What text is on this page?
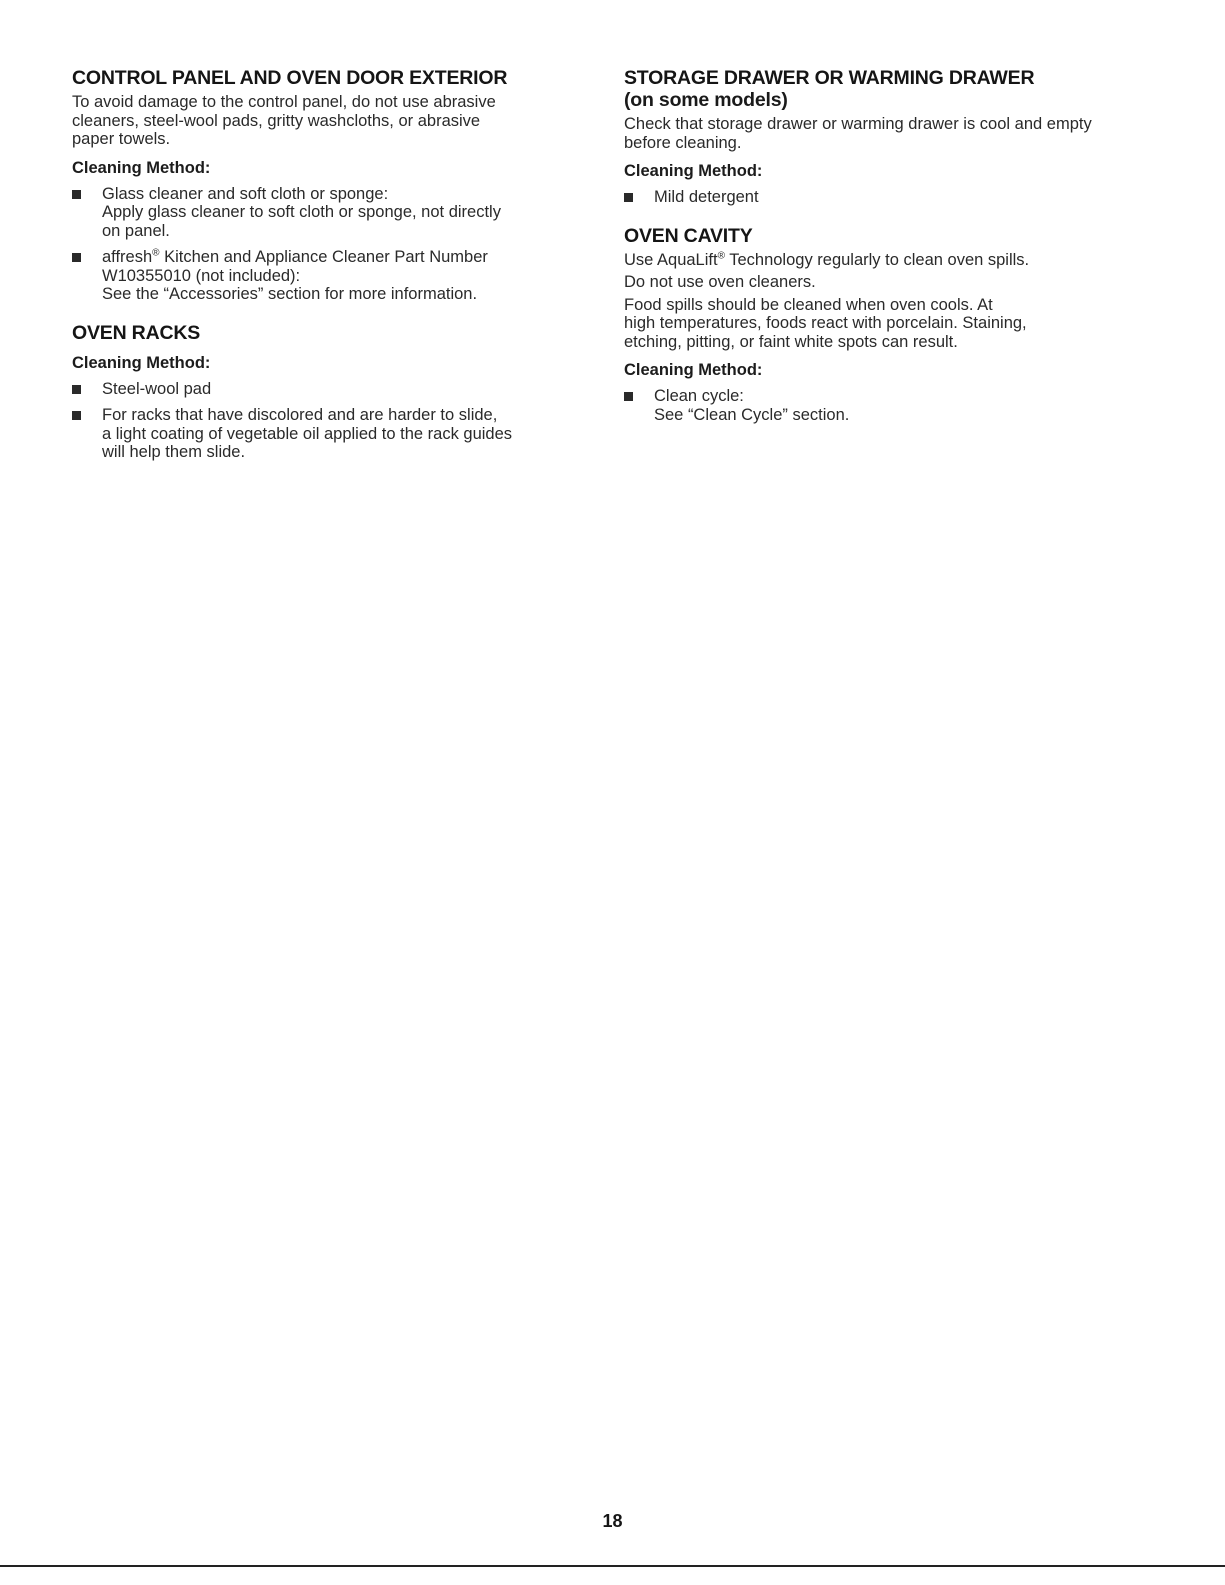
CONTROL PANEL AND OVEN DOOR EXTERIOR

To avoid damage to the control panel, do not use abrasive
cleaners, steel-wool pads, gritty washcloths, or abrasive
paper towels.

Cleaning Method:
Glass cleaner and soft cloth or sponge:
Apply glass cleaner to soft cloth or sponge, not directly
on panel.
affresh® Kitchen and Appliance Cleaner Part Number
W10355010 (not included):
See the “Accessories” section for more information.
OVEN RACKS
Cleaning Method:
Steel-wool pad
For racks that have discolored and are harder to slide,
a light coating of vegetable oil applied to the rack guides
will help them slide.
STORAGE DRAWER OR WARMING DRAWER
(on some models)

Check that storage drawer or warming drawer is cool and empty
before cleaning.

Cleaning Method:
Mild detergent
OVEN CAVITY

Use AquaLift® Technology regularly to clean oven spills.

Do not use oven cleaners.

Food spills should be cleaned when oven cools. At
high temperatures, foods react with porcelain. Staining,
etching, pitting, or faint white spots can result.

Cleaning Method:
Clean cycle:
See “Clean Cycle” section.
18
